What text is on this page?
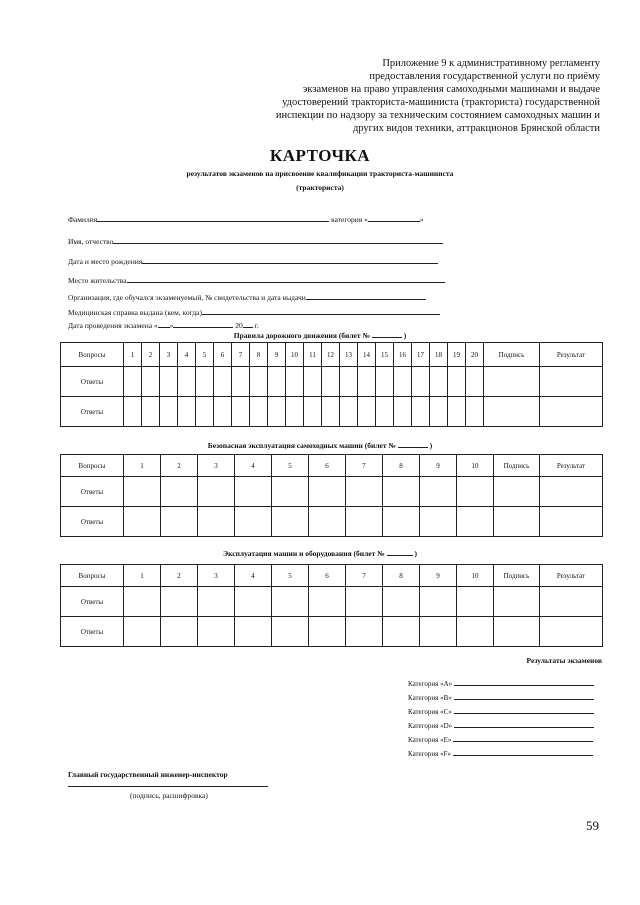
Приложение 9 к административному регламенту
предоставления государственной услуги по приёму
экзаменов на право управления самоходными машинами и выдаче
удостоверений тракториста-машиниста (тракториста) государственной
инспекции по надзору за техническим состоянием самоходных машин и
других видов техники, аттракционов Брянской области
КАРТОЧКА
результатов экзаменов на присвоение квалификации тракториста-машиниста
(тракториста)
Фамилия	категория «	»
Имя, отчество
Дата и место рождения
Место жительства
Организация, где обучался экзаменуемый, № свидетельства и дата выдачи
Медицинская справка выдана (кем, когда)
Дата проведения экзамена « »	20 г.
Правила дорожного движения (билет №	)
Вопросы	1	2	3	4	5	6	7	8	9	10	11	12	13	14	15	16	17	18	19	20	Подпись	Результат
Ответы																						
Ответы																						
Безопасная эксплуатация самоходных машин (билет №	)
Вопросы	1	2	3	4	5	6	7	8	9	10	Подпись	Результат
Ответы												
Ответы												
Эксплуатация машин и оборудования (билет №	)
Вопросы	1	2	3	4	5	6	7	8	9	10	Подпись	Результат
Ответы												
Ответы												
Результаты экзаменов
Категория «А»
Категория «В»
Категория «С»
Категория «D»
Категория «Е»
Категория «F»
Главный государственный инженер-инспектор
(подпись, расшифровка)
59
